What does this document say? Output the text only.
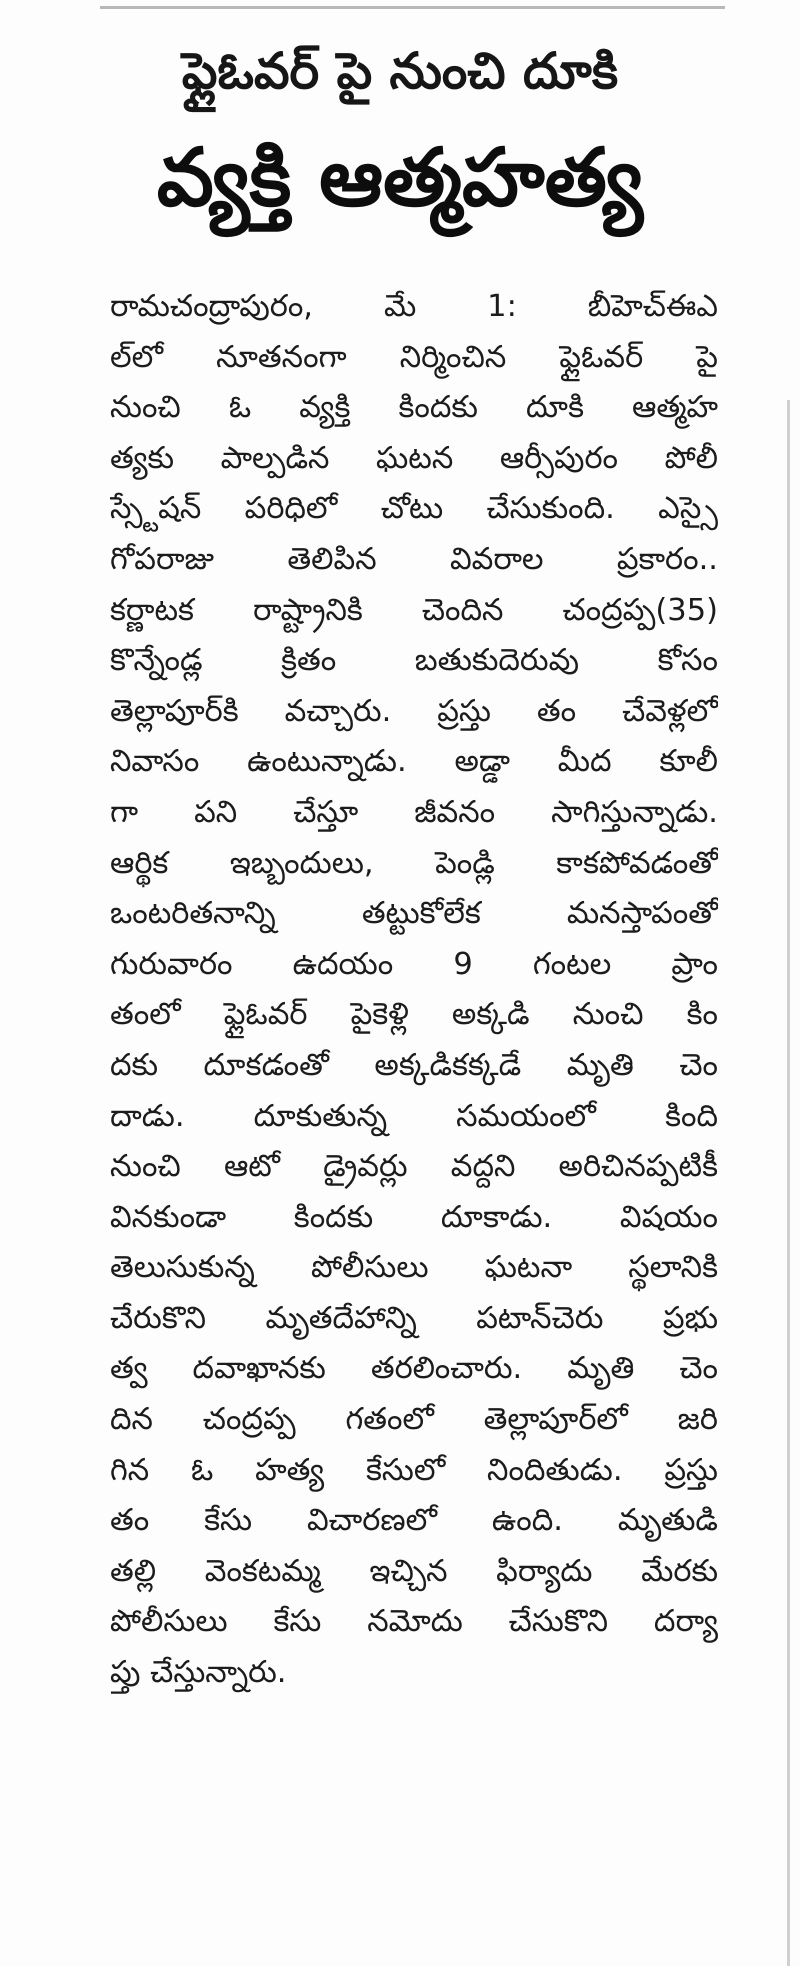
ఫ్లైఓవర్ పై నుంచి దూకి
వ్యక్తి ఆత్మహత్య
రామచంద్రాపురం, మే 1: బీహెచ్ఈఎ
ల్‌లో నూతనంగా నిర్మించిన ఫ్లైఓవర్ పై
నుంచి ఓ వ్యక్తి కిందకు దూకి ఆత్మహ
త్యకు పాల్పడిన ఘటన ఆర్సీపురం పోలీ
స్స్టేషన్ పరిధిలో చోటు చేసుకుంది. ఎస్సై
గోపరాజు తెలిపిన వివరాల ప్రకారం..
కర్ణాటక రాష్ట్రానికి చెందిన చంద్రప్ప(35)
కొన్నేండ్ల క్రితం బతుకుదెరువు కోసం
తెల్లాపూర్‌కి వచ్చారు. ప్రస్తు తం చేవెళ్లలో
నివాసం ఉంటున్నాడు. అడ్డా మీద కూలీ
గా పని చేస్తూ జీవనం సాగిస్తున్నాడు.
ఆర్థిక ఇబ్బందులు, పెండ్లి కాకపోవడంతో
ఒంటరితనాన్ని తట్టుకోలేక మనస్తాపంతో
గురువారం ఉదయం 9 గంటల ప్రాం
తంలో ఫ్లైఓవర్ పైకెళ్లి అక్కడి నుంచి కిం
దకు దూకడంతో అక్కడికక్కడే మృతి చెం
దాడు. దూకుతున్న సమయంలో కింది
నుంచి ఆటో డ్రైవర్లు వద్దని అరిచినప్పటికీ
వినకుండా కిందకు దూకాడు. విషయం
తెలుసుకున్న పోలీసులు ఘటనా స్థలానికి
చేరుకొని మృతదేహాన్ని పటాన్‌చెరు ప్రభు
త్వ దవాఖానకు తరలించారు. మృతి చెం
దిన చంద్రప్ప గతంలో తెల్లాపూర్‌లో జరి
గిన ఓ హత్య కేసులో నిందితుడు. ప్రస్తు
తం కేసు విచారణలో ఉంది. మృతుడి
తల్లి వెంకటమ్మ ఇచ్చిన ఫిర్యాదు మేరకు
పోలీసులు కేసు నమోదు చేసుకొని దర్యా
ప్తు చేస్తున్నారు.
